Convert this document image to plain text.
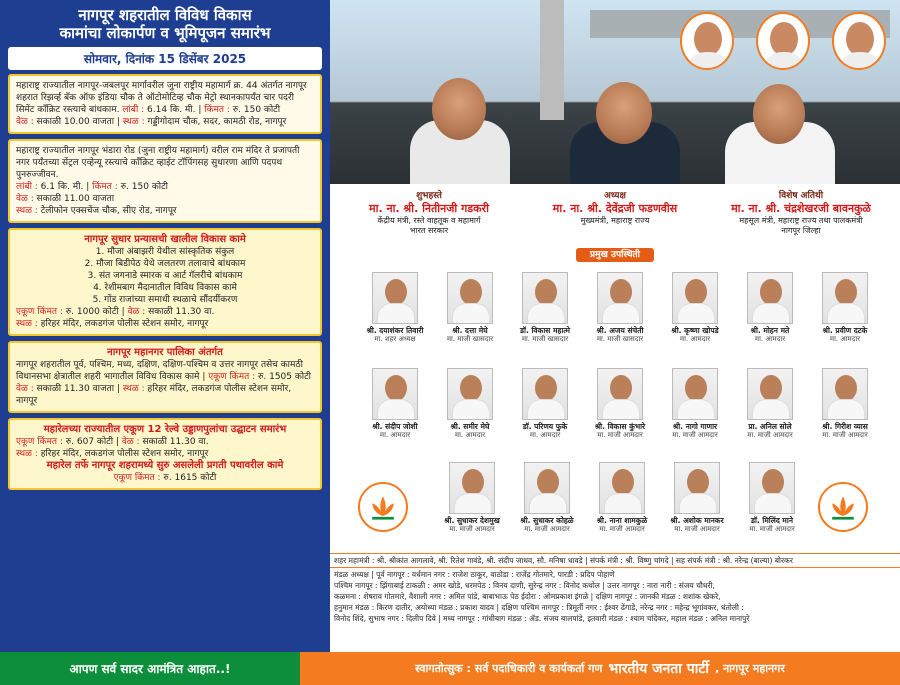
नागपूर शहरातील विविध विकास
कामांचा लोकार्पण व भूमिपूजन समारंभ
सोमवार, दिनांक 15 डिसेंबर 2025
महाराष्ट्र राज्यातील नागपूर-जबलपूर मार्गावरील जुना राष्ट्रीय महामार्ग क्र. 44 अंतर्गत नागपूर शहरात रिझर्व्ह बँक ऑफ इंडिया चौक ते ऑटोमोटिव्ह चौक मेट्रो स्थानकापर्यंत चार पदरी सिमेंट कॉंक्रिट रस्त्याचे बांधकाम. लांबी : 6.14 कि. मी. | किंमत : रु. 150 कोटी
वेळ : सकाळी 10.00 वाजता | स्थळ : गड्डीगोदाम चौक, सदर, कामठी रोड, नागपूर
महाराष्ट्र राज्यातील नागपूर भंडारा रोड (जुना राष्ट्रीय महामार्ग) वरील राम मंदिर ते प्रजापती नगर पर्यंतच्या सेंट्रल एव्हेन्यू रस्त्याचे कॉंक्रिट व्हाईट टॉपिंगसह सुधारणा आणि पदपथ पुनरुज्जीवन.
लांबी : 6.1 कि. मी. | किंमत : रु. 150 कोटी
वेळ : सकाळी 11.00 वाजता
स्थळ : टेलीफोन एक्सचेंज चौक, सीए रोड, नागपूर
नागपूर सुधार प्रन्यासची खालील विकास कामे
1. मौजा अंबाझरी येथील सांस्कृतिक संकुल
2. मौजा बिडीपेठ येथे जलतरण तलावाचे बांधकाम
3. संत जगनाडे स्मारक व आर्ट गॅलरीचे बांधकाम
4. रेशीमबाग मैदानातील विविध विकास कामे
5. गोंड राजांच्या समाधी स्थळाचे सौंदर्यीकरण
एकूण किंमत : रु. 1000 कोटी | वेळ : सकाळी 11.30 वा.
स्थळ : हरिहर मंदिर, लकडगंज पोलीस स्टेशन समोर, नागपूर
नागपूर महानगर पालिका अंतर्गत
नागपूर शहरातील पूर्व, पश्चिम, मध्य, दक्षिण, दक्षिण-पश्चिम व उत्तर नागपूर तसेच कामठी विधानसभा क्षेत्रातील शहरी भागातील विविध विकास कामे | एकूण किंमत : रु. 1505 कोटी
वेळ : सकाळी 11.30 वाजता | स्थळ : हरिहर मंदिर, लकडगंज पोलीस स्टेशन समोर, नागपूर
महारेलच्या राज्यातील एकूण 12 रेल्वे उड्डाणपुलांचा उद्घाटन समारंभ
एकूण किंमत : रु. 607 कोटी | वेळ : सकाळी 11.30 वा.
स्थळ : हरिहर मंदिर, लकडगंज पोलीस स्टेशन समोर, नागपूर
महारेल तर्फे नागपूर शहरामध्ये सुरु असलेली प्रगती पथावरील कामे
एकूण किंमत : रु. 1615 कोटी
शुभहस्ते
मा. ना. श्री. नितीनजी गडकरी
केंद्रीय मंत्री, रस्ते वाहतूक व महामार्ग
भारत सरकार
अध्यक्ष
मा. ना. श्री. देवेंद्रजी फडणवीस
मुख्यमंत्री, महाराष्ट्र राज्य
विशेष अतिथी
मा. ना. श्री. चंद्रशेखरजी बावनकुळे
महसूल मंत्री, महाराष्ट्र राज्य तथा पालकमंत्री
नागपूर जिल्हा
प्रमुख उपस्थिती
श्री. दयाशंकर तिवारी
मा. शहर अध्यक्ष
श्री. दत्ता मेघे
मा. माजी खासदार
डॉ. विकास महात्मे
मा. माजी खासदार
श्री. अजय संचेती
मा. माजी खासदार
श्री. कृष्णा खोपडे
मा. आमदार
श्री. मोहन मते
मा. आमदार
श्री. प्रवीण दटके
मा. आमदार
श्री. संदीप जोशी
मा. आमदार
श्री. समीर मेघे
मा. आमदार
डॉ. परिणय फुके
मा. आमदार
श्री. विकास कुंभारे
मा. माजी आमदार
श्री. नागो गाणार
मा. माजी आमदार
प्रा. अनिल सोले
मा. माजी आमदार
श्री. गिरीश व्यास
मा. माजी आमदार
श्री. सुधाकर देशमुख
मा. माजी आमदार
श्री. सुधाकर कोहळे
मा. माजी आमदार
श्री. नाना शामकुळे
मा. माजी आमदार
श्री. अशोक मानकर
मा. माजी आमदार
डॉ. मिलिंद माने
मा. माजी आमदार
शहर महामंत्री : श्री. श्रीकांत आगलावे, श्री. रितेश गावंडे, श्री. संदीप जाधव, सौ. मनिषा धावडे | संपर्क मंत्री : श्री. विष्णु चांगदे | सह संपर्क मंत्री : श्री. नरेन्द्र (बाल्या) बोरकर
मंडळ अध्यक्ष | पूर्व नागपूर : वर्धमान नगर : राजेश ठाकूर, वाठोडा : राजेंद्र गोतमारे, पारडी : प्रदिप पोहाणे
पश्चिम नागपूर : झिंगाबाई टाकळी : अमर खोडे, धरमपेठ : विनय दाणी, सुरेन्द्र नगर : विनोद कथोल | उत्तर नागपूर : नारा नारी : संजय चौधरी,
कळमना : शेषराव गोतमारे, वैशाली नगर : अमित पांडे, बाबाभाऊ पेठ ईदोरा : ओमप्रकाश इंगळे | दक्षिण नागपूर : जानकी मंडळ : शशांक खेकरे,
हनुमान मंडळ : किरण दातीर, अयोध्या मंडळ : प्रकाश यादव | दक्षिण पश्चिम नागपूर : त्रिमूर्ती नगर : ईश्वर ढेंगाडे, नरेन्द्र नगर : महेन्द्र भूगांवकर, धंतोली :
विनोद शिंदे, सुभाष नगर : दिलीप दिवे | मध्य नागपूर : गांधीबाग मंडळ : ॲड. संजय बालपांडे, इतवारी मंडळ : श्याम चांदेकर, महाल मंडळ : अनिल मानापुरे
आपण सर्व सादर आमंत्रित आहात..!	स्वागतोत्सुक : सर्व पदाधिकारी व कार्यकर्ता गण भारतीय जनता पार्टी , नागपूर महानगर
